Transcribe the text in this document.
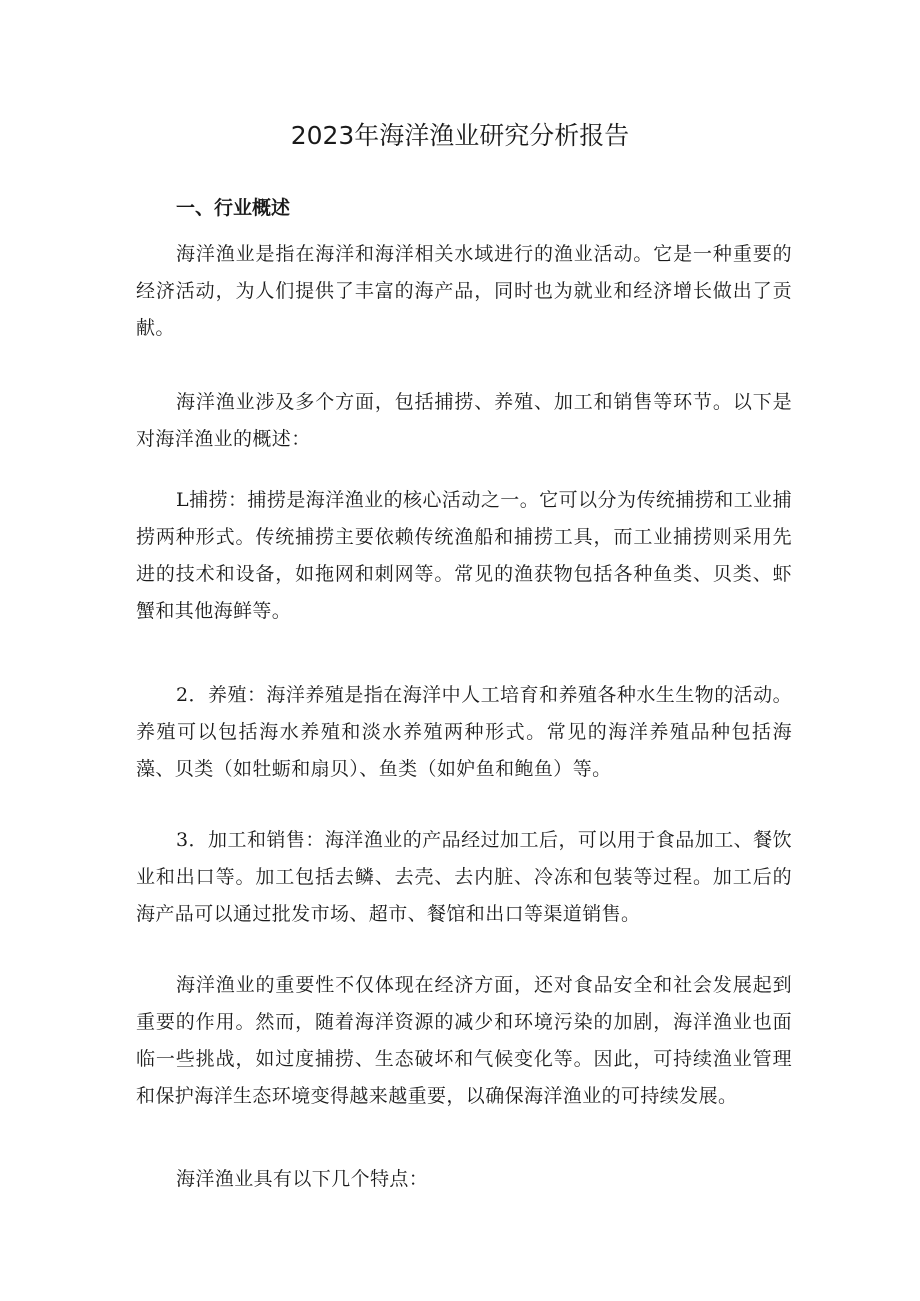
2023年海洋渔业研究分析报告
一、行业概述

海洋渔业是指在海洋和海洋相关水域进行的渔业活动。它是一种重要的经济活动，为人们提供了丰富的海产品，同时也为就业和经济增长做出了贡献。

海洋渔业涉及多个方面，包括捕捞、养殖、加工和销售等环节。以下是对海洋渔业的概述：

L捕捞：捕捞是海洋渔业的核心活动之一。它可以分为传统捕捞和工业捕捞两种形式。传统捕捞主要依赖传统渔船和捕捞工具，而工业捕捞则采用先进的技术和设备，如拖网和刺网等。常见的渔获物包括各种鱼类、贝类、虾蟹和其他海鲜等。

2．养殖：海洋养殖是指在海洋中人工培育和养殖各种水生生物的活动。养殖可以包括海水养殖和淡水养殖两种形式。常见的海洋养殖品种包括海藻、贝类（如牡蛎和扇贝）、鱼类（如妒鱼和鲍鱼）等。

3．加工和销售：海洋渔业的产品经过加工后，可以用于食品加工、餐饮业和出口等。加工包括去鳞、去壳、去内脏、冷冻和包装等过程。加工后的海产品可以通过批发市场、超市、餐馆和出口等渠道销售。

海洋渔业的重要性不仅体现在经济方面，还对食品安全和社会发展起到重要的作用。然而，随着海洋资源的减少和环境污染的加剧，海洋渔业也面临一些挑战，如过度捕捞、生态破坏和气候变化等。因此，可持续渔业管理和保护海洋生态环境变得越来越重要，以确保海洋渔业的可持续发展。

海洋渔业具有以下几个特点：
